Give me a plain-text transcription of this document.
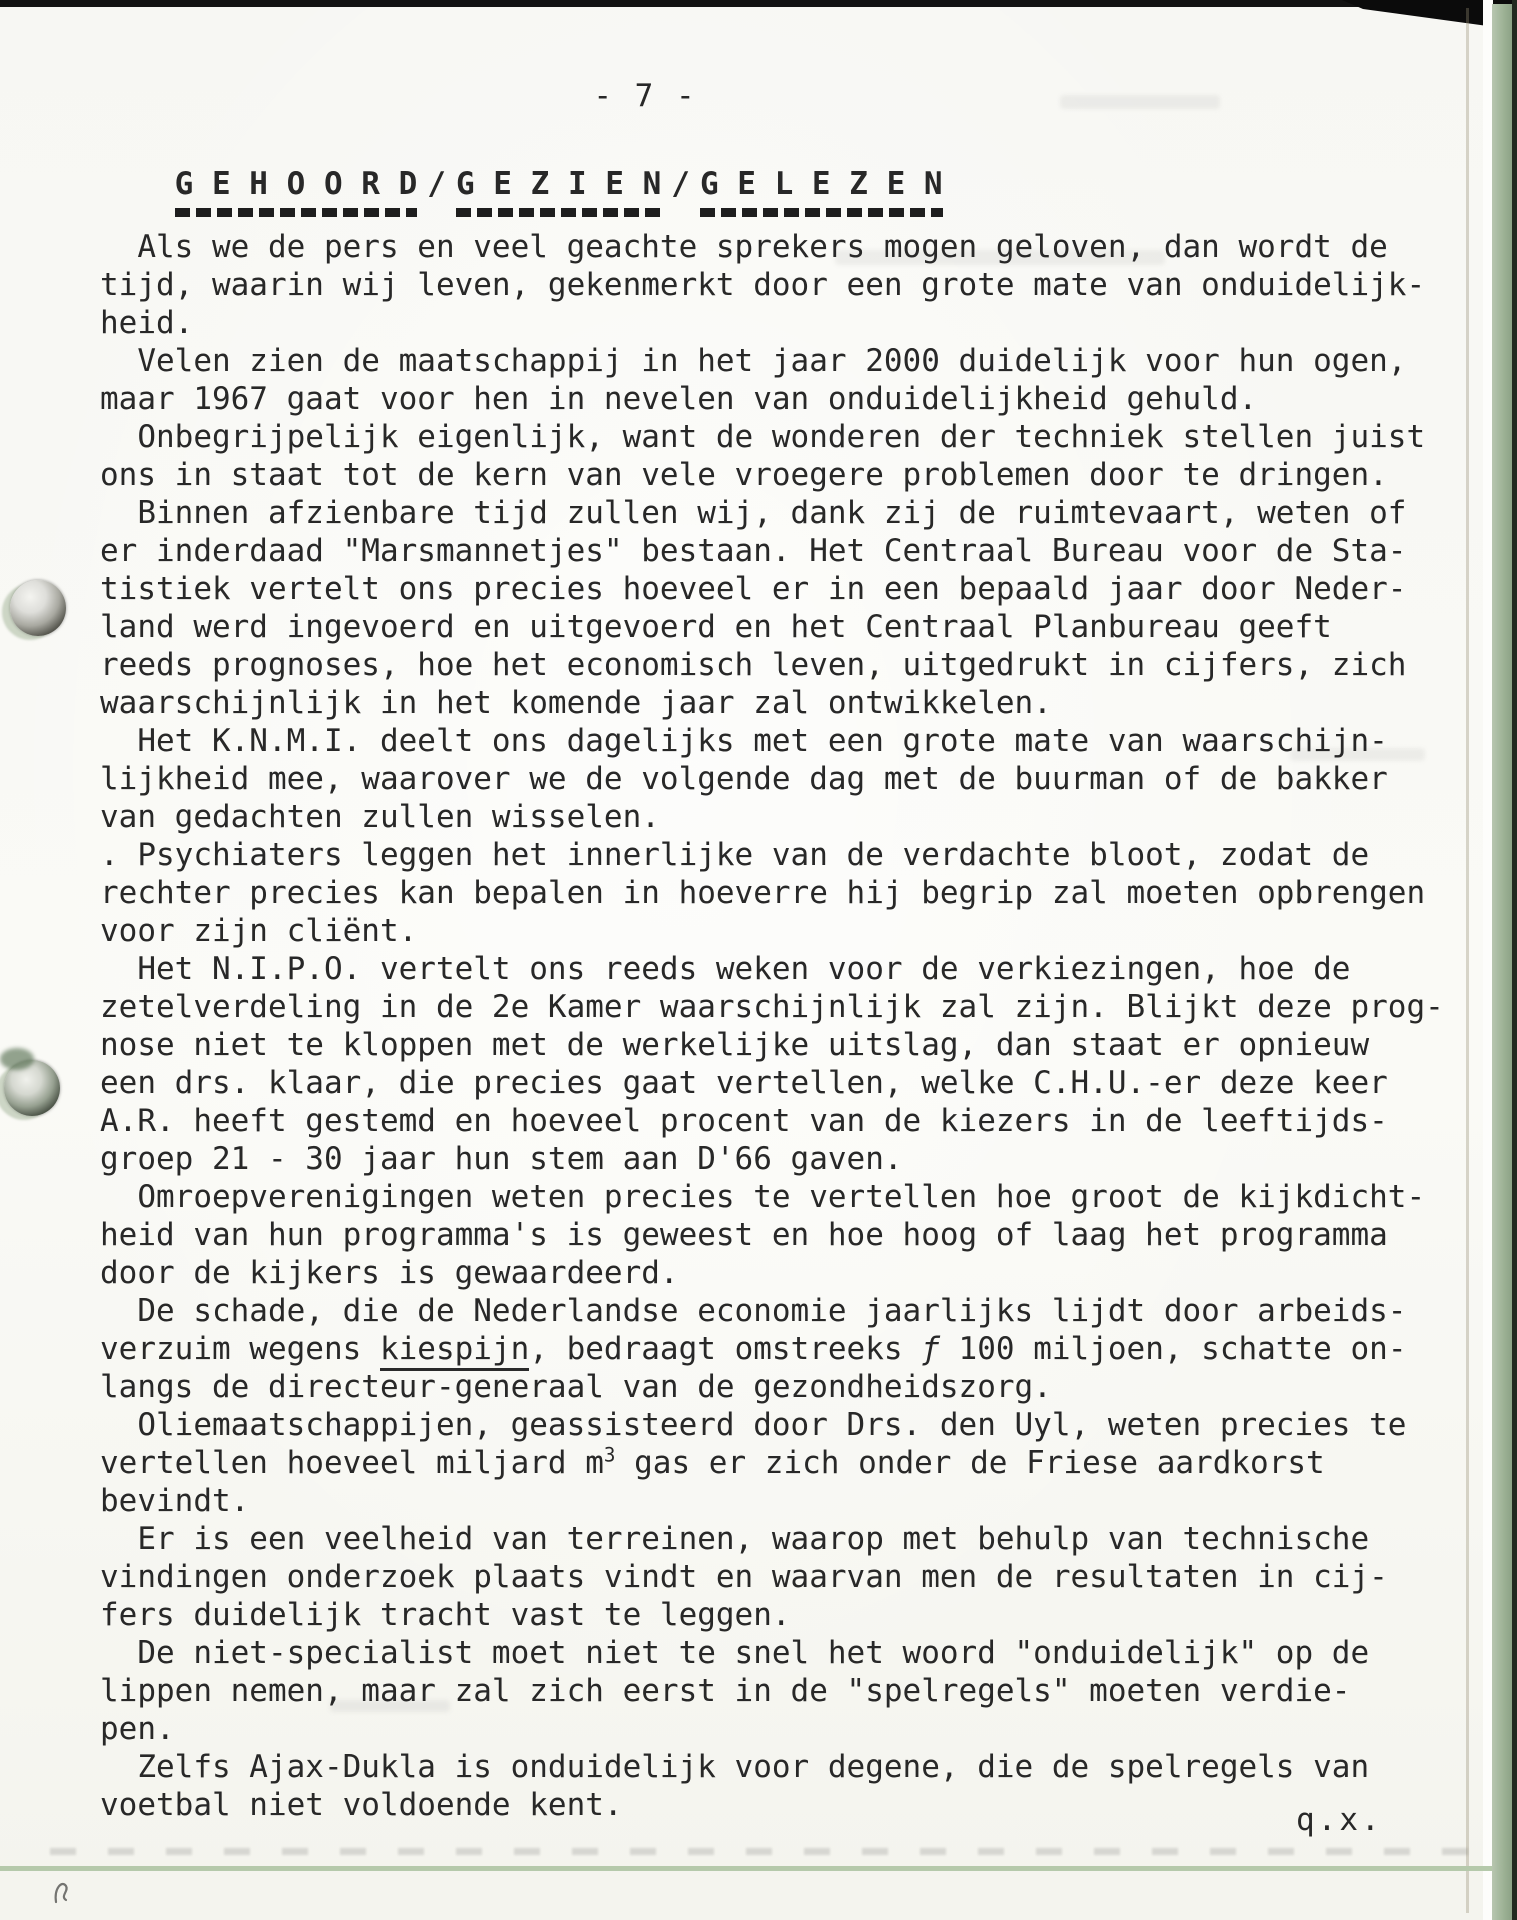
- 7 -

G E H O O R D / G E Z I E N / G E L E Z E N

Als we de pers en veel geachte sprekers mogen geloven, dan wordt de
tijd, waarin wij leven, gekenmerkt door een grote mate van onduidelijk-
heid.
Velen zien de maatschappij in het jaar 2000 duidelijk voor hun ogen,
maar 1967 gaat voor hen in nevelen van onduidelijkheid gehuld.
Onbegrijpelijk eigenlijk, want de wonderen der techniek stellen juist
ons in staat tot de kern van vele vroegere problemen door te dringen.
Binnen afzienbare tijd zullen wij, dank zij de ruimtevaart, weten of
er inderdaad "Marsmannetjes" bestaan. Het Centraal Bureau voor de Sta-
tistiek vertelt ons precies hoeveel er in een bepaald jaar door Neder-
land werd ingevoerd en uitgevoerd en het Centraal Planbureau geeft
reeds prognoses, hoe het economisch leven, uitgedrukt in cijfers, zich
waarschijnlijk in het komende jaar zal ontwikkelen.
Het K.N.M.I. deelt ons dagelijks met een grote mate van waarschijn-
lijkheid mee, waarover we de volgende dag met de buurman of de bakker
van gedachten zullen wisselen.
. Psychiaters leggen het innerlijke van de verdachte bloot, zodat de
rechter precies kan bepalen in hoeverre hij begrip zal moeten opbrengen
voor zijn cliënt.
Het N.I.P.O. vertelt ons reeds weken voor de verkiezingen, hoe de
zetelverdeling in de 2e Kamer waarschijnlijk zal zijn. Blijkt deze prog-
nose niet te kloppen met de werkelijke uitslag, dan staat er opnieuw
een drs. klaar, die precies gaat vertellen, welke C.H.U.-er deze keer
A.R. heeft gestemd en hoeveel procent van de kiezers in de leeftijds-
groep 21 - 30 jaar hun stem aan D'66 gaven.
Omroepverenigingen weten precies te vertellen hoe groot de kijkdicht-
heid van hun programma's is geweest en hoe hoog of laag het programma
door de kijkers is gewaardeerd.
De schade, die de Nederlandse economie jaarlijks lijdt door arbeids-
verzuim wegens kiespijn, bedraagt omstreeks ƒ 100 miljoen, schatte on-
langs de directeur-generaal van de gezondheidszorg.
Oliemaatschappijen, geassisteerd door Drs. den Uyl, weten precies te
vertellen hoeveel miljard $m^3$ gas er zich onder de Friese aardkorst
bevindt.
Er is een veelheid van terreinen, waarop met behulp van technische
vindingen onderzoek plaats vindt en waarvan men de resultaten in cij-
fers duidelijk tracht vast te leggen.
De niet-specialist moet niet te snel het woord "onduidelijk" op de
lippen nemen, maar zal zich eerst in de "spelregels" moeten verdie-
pen.
Zelfs Ajax-Dukla is onduidelijk voor degene, die de spelregels van
voetbal niet voldoende kent.	q.x.
